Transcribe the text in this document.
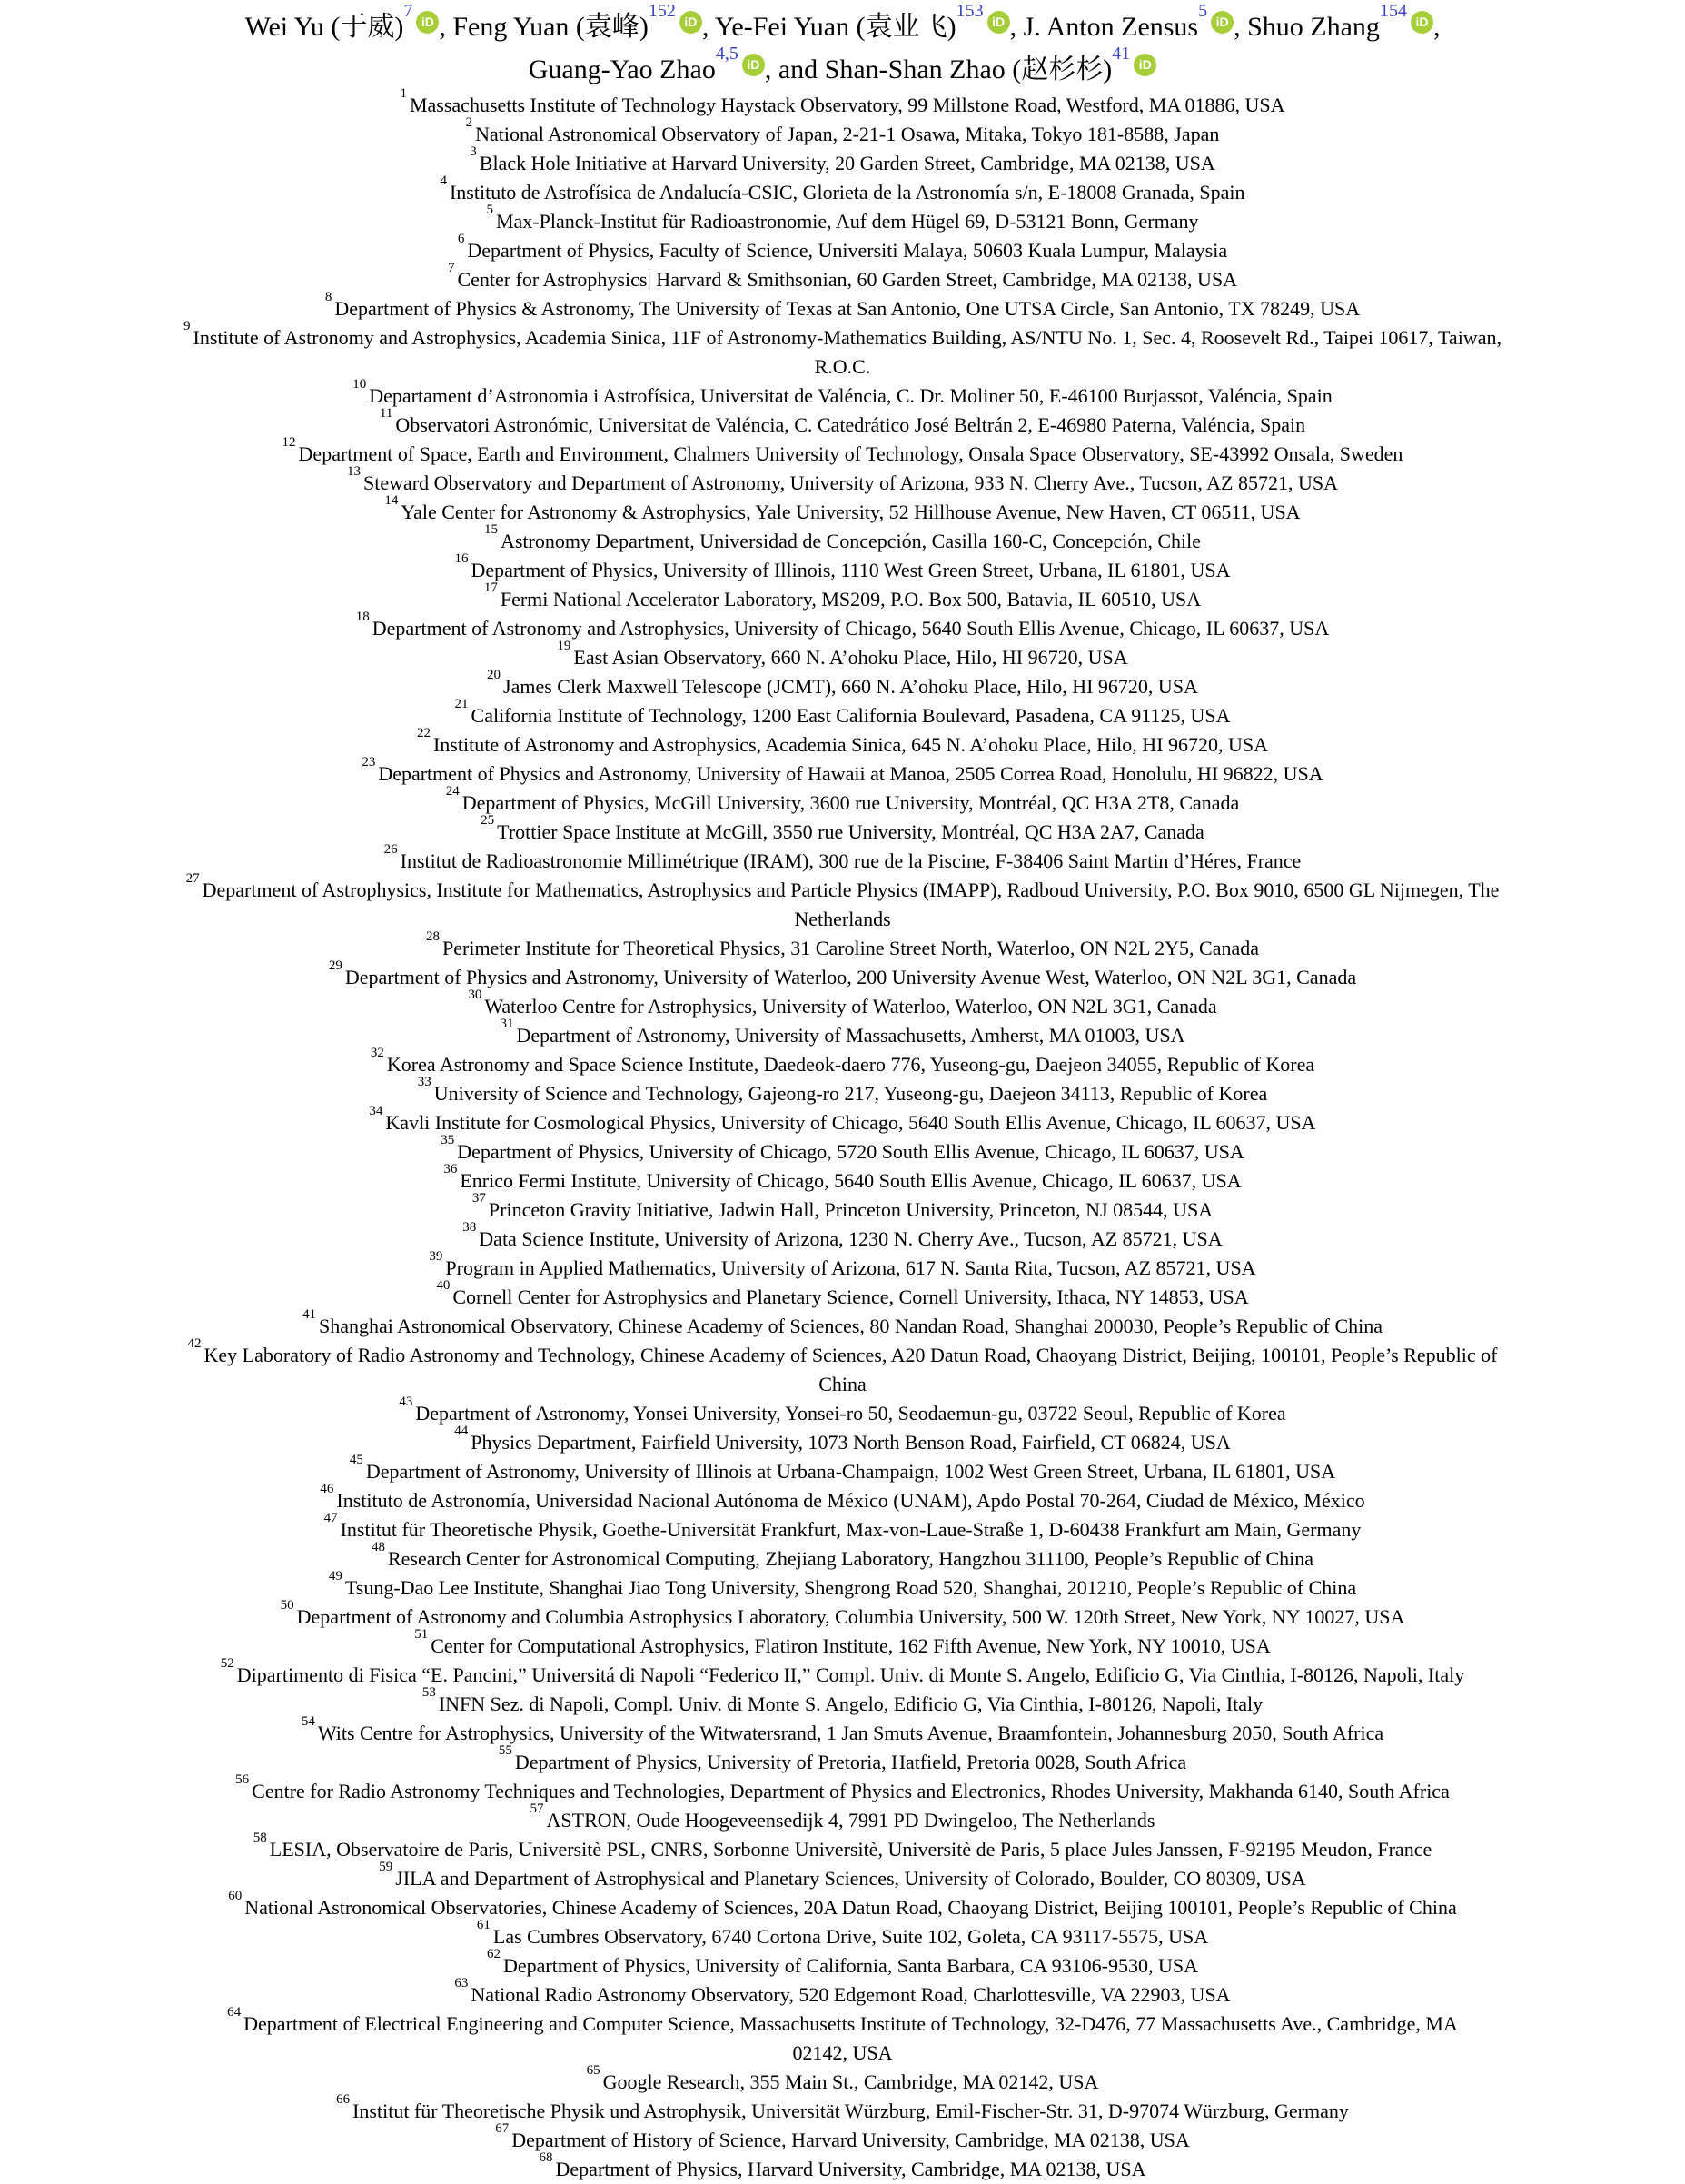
Wei Yu (于威)$^7$iD , Feng Yuan (袁峰)$^{152}$iD , Ye-Fei Yuan (袁业飞)$^{153}$iD , J. Anton Zensus$^5$iD , Shuo Zhang$^{154}$iD ,
Guang-Yao Zhao$^{4,5}$iD , and Shan-Shan Zhao (赵杉杉)$^{41}$iD
$^1$ Massachusetts Institute of Technology Haystack Observatory, 99 Millstone Road, Westford, MA 01886, USA
$^2$ National Astronomical Observatory of Japan, 2-21-1 Osawa, Mitaka, Tokyo 181-8588, Japan
$^3$ Black Hole Initiative at Harvard University, 20 Garden Street, Cambridge, MA 02138, USA
$^4$ Instituto de Astrofísica de Andalucía-CSIC, Glorieta de la Astronomía s/n, E-18008 Granada, Spain
$^5$ Max-Planck-Institut für Radioastronomie, Auf dem Hügel 69, D-53121 Bonn, Germany
$^6$ Department of Physics, Faculty of Science, Universiti Malaya, 50603 Kuala Lumpur, Malaysia
$^7$ Center for Astrophysics| Harvard & Smithsonian, 60 Garden Street, Cambridge, MA 02138, USA
$^8$ Department of Physics & Astronomy, The University of Texas at San Antonio, One UTSA Circle, San Antonio, TX 78249, USA
$^9$ Institute of Astronomy and Astrophysics, Academia Sinica, 11F of Astronomy-Mathematics Building, AS/NTU No. 1, Sec. 4, Roosevelt Rd., Taipei 10617, Taiwan,
R.O.C.
$^{10}$ Departament d’Astronomia i Astrofísica, Universitat de Valéncia, C. Dr. Moliner 50, E-46100 Burjassot, Valéncia, Spain
$^{11}$ Observatori Astronómic, Universitat de Valéncia, C. Catedrático José Beltrán 2, E-46980 Paterna, Valéncia, Spain
$^{12}$ Department of Space, Earth and Environment, Chalmers University of Technology, Onsala Space Observatory, SE-43992 Onsala, Sweden
$^{13}$ Steward Observatory and Department of Astronomy, University of Arizona, 933 N. Cherry Ave., Tucson, AZ 85721, USA
$^{14}$ Yale Center for Astronomy & Astrophysics, Yale University, 52 Hillhouse Avenue, New Haven, CT 06511, USA
$^{15}$ Astronomy Department, Universidad de Concepción, Casilla 160-C, Concepción, Chile
$^{16}$ Department of Physics, University of Illinois, 1110 West Green Street, Urbana, IL 61801, USA
$^{17}$ Fermi National Accelerator Laboratory, MS209, P.O. Box 500, Batavia, IL 60510, USA
$^{18}$ Department of Astronomy and Astrophysics, University of Chicago, 5640 South Ellis Avenue, Chicago, IL 60637, USA
$^{19}$ East Asian Observatory, 660 N. A’ohoku Place, Hilo, HI 96720, USA
$^{20}$ James Clerk Maxwell Telescope (JCMT), 660 N. A’ohoku Place, Hilo, HI 96720, USA
$^{21}$ California Institute of Technology, 1200 East California Boulevard, Pasadena, CA 91125, USA
$^{22}$ Institute of Astronomy and Astrophysics, Academia Sinica, 645 N. A’ohoku Place, Hilo, HI 96720, USA
$^{23}$ Department of Physics and Astronomy, University of Hawaii at Manoa, 2505 Correa Road, Honolulu, HI 96822, USA
$^{24}$ Department of Physics, McGill University, 3600 rue University, Montréal, QC H3A 2T8, Canada
$^{25}$ Trottier Space Institute at McGill, 3550 rue University, Montréal, QC H3A 2A7, Canada
$^{26}$ Institut de Radioastronomie Millimétrique (IRAM), 300 rue de la Piscine, F-38406 Saint Martin d’Héres, France
$^{27}$ Department of Astrophysics, Institute for Mathematics, Astrophysics and Particle Physics (IMAPP), Radboud University, P.O. Box 9010, 6500 GL Nijmegen, The
Netherlands
$^{28}$ Perimeter Institute for Theoretical Physics, 31 Caroline Street North, Waterloo, ON N2L 2Y5, Canada
$^{29}$ Department of Physics and Astronomy, University of Waterloo, 200 University Avenue West, Waterloo, ON N2L 3G1, Canada
$^{30}$ Waterloo Centre for Astrophysics, University of Waterloo, Waterloo, ON N2L 3G1, Canada
$^{31}$ Department of Astronomy, University of Massachusetts, Amherst, MA 01003, USA
$^{32}$ Korea Astronomy and Space Science Institute, Daedeok-daero 776, Yuseong-gu, Daejeon 34055, Republic of Korea
$^{33}$ University of Science and Technology, Gajeong-ro 217, Yuseong-gu, Daejeon 34113, Republic of Korea
$^{34}$ Kavli Institute for Cosmological Physics, University of Chicago, 5640 South Ellis Avenue, Chicago, IL 60637, USA
$^{35}$ Department of Physics, University of Chicago, 5720 South Ellis Avenue, Chicago, IL 60637, USA
$^{36}$ Enrico Fermi Institute, University of Chicago, 5640 South Ellis Avenue, Chicago, IL 60637, USA
$^{37}$ Princeton Gravity Initiative, Jadwin Hall, Princeton University, Princeton, NJ 08544, USA
$^{38}$ Data Science Institute, University of Arizona, 1230 N. Cherry Ave., Tucson, AZ 85721, USA
$^{39}$ Program in Applied Mathematics, University of Arizona, 617 N. Santa Rita, Tucson, AZ 85721, USA
$^{40}$ Cornell Center for Astrophysics and Planetary Science, Cornell University, Ithaca, NY 14853, USA
$^{41}$ Shanghai Astronomical Observatory, Chinese Academy of Sciences, 80 Nandan Road, Shanghai 200030, People’s Republic of China
$^{42}$ Key Laboratory of Radio Astronomy and Technology, Chinese Academy of Sciences, A20 Datun Road, Chaoyang District, Beijing, 100101, People’s Republic of
China
$^{43}$ Department of Astronomy, Yonsei University, Yonsei-ro 50, Seodaemun-gu, 03722 Seoul, Republic of Korea
$^{44}$ Physics Department, Fairfield University, 1073 North Benson Road, Fairfield, CT 06824, USA
$^{45}$ Department of Astronomy, University of Illinois at Urbana-Champaign, 1002 West Green Street, Urbana, IL 61801, USA
$^{46}$ Instituto de Astronomía, Universidad Nacional Autónoma de México (UNAM), Apdo Postal 70-264, Ciudad de México, México
$^{47}$ Institut für Theoretische Physik, Goethe-Universität Frankfurt, Max-von-Laue-Straße 1, D-60438 Frankfurt am Main, Germany
$^{48}$ Research Center for Astronomical Computing, Zhejiang Laboratory, Hangzhou 311100, People’s Republic of China
$^{49}$ Tsung-Dao Lee Institute, Shanghai Jiao Tong University, Shengrong Road 520, Shanghai, 201210, People’s Republic of China
$^{50}$ Department of Astronomy and Columbia Astrophysics Laboratory, Columbia University, 500 W. 120th Street, New York, NY 10027, USA
$^{51}$ Center for Computational Astrophysics, Flatiron Institute, 162 Fifth Avenue, New York, NY 10010, USA
$^{52}$ Dipartimento di Fisica “E. Pancini,” Universitá di Napoli “Federico II,” Compl. Univ. di Monte S. Angelo, Edificio G, Via Cinthia, I-80126, Napoli, Italy
$^{53}$ INFN Sez. di Napoli, Compl. Univ. di Monte S. Angelo, Edificio G, Via Cinthia, I-80126, Napoli, Italy
$^{54}$ Wits Centre for Astrophysics, University of the Witwatersrand, 1 Jan Smuts Avenue, Braamfontein, Johannesburg 2050, South Africa
$^{55}$ Department of Physics, University of Pretoria, Hatfield, Pretoria 0028, South Africa
$^{56}$ Centre for Radio Astronomy Techniques and Technologies, Department of Physics and Electronics, Rhodes University, Makhanda 6140, South Africa
$^{57}$ ASTRON, Oude Hoogeveensedijk 4, 7991 PD Dwingeloo, The Netherlands
$^{58}$ LESIA, Observatoire de Paris, Universitè PSL, CNRS, Sorbonne Universitè, Universitè de Paris, 5 place Jules Janssen, F-92195 Meudon, France
$^{59}$ JILA and Department of Astrophysical and Planetary Sciences, University of Colorado, Boulder, CO 80309, USA
$^{60}$ National Astronomical Observatories, Chinese Academy of Sciences, 20A Datun Road, Chaoyang District, Beijing 100101, People’s Republic of China
$^{61}$ Las Cumbres Observatory, 6740 Cortona Drive, Suite 102, Goleta, CA 93117-5575, USA
$^{62}$ Department of Physics, University of California, Santa Barbara, CA 93106-9530, USA
$^{63}$ National Radio Astronomy Observatory, 520 Edgemont Road, Charlottesville, VA 22903, USA
$^{64}$ Department of Electrical Engineering and Computer Science, Massachusetts Institute of Technology, 32-D476, 77 Massachusetts Ave., Cambridge, MA
02142, USA
$^{65}$ Google Research, 355 Main St., Cambridge, MA 02142, USA
$^{66}$ Institut für Theoretische Physik und Astrophysik, Universität Würzburg, Emil-Fischer-Str. 31, D-97074 Würzburg, Germany
$^{67}$ Department of History of Science, Harvard University, Cambridge, MA 02138, USA
$^{68}$ Department of Physics, Harvard University, Cambridge, MA 02138, USA
